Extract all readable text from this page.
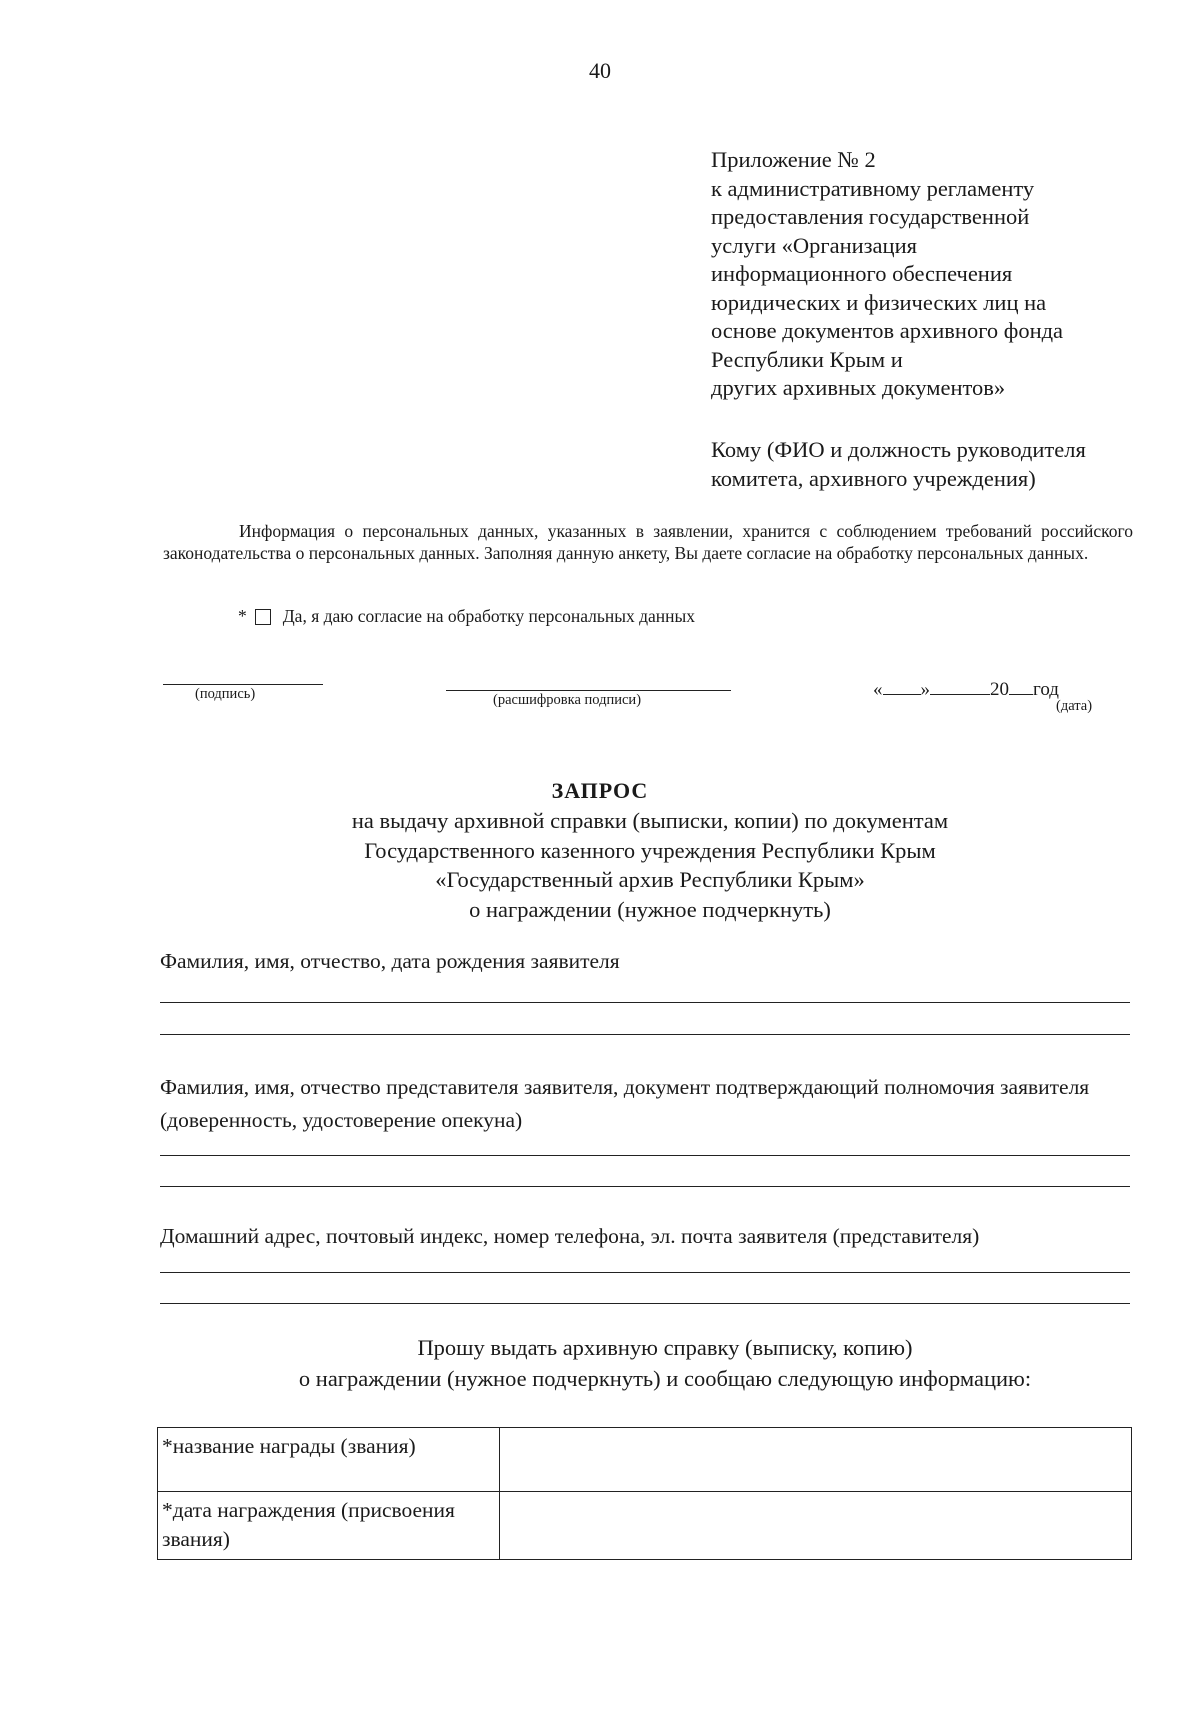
40
Приложение № 2
к административному регламенту
предоставления государственной
услуги «Организация
информационного обеспечения
юридических и физических лиц на
основе документов архивного фонда
Республики Крым и
других архивных документов»
Кому (ФИО и должность руководителя комитета, архивного учреждения)
Информация о персональных данных, указанных в заявлении, хранится с соблюдением требований российского законодательства о персональных данных. Заполняя данную анкету, Вы даете согласие на обработку персональных данных.
* Да, я даю согласие на обработку персональных данных
(подпись)	(расшифровка подписи)	« »	20 год
(дата)
ЗАПРОС
на выдачу архивной справки (выписки, копии) по документам
Государственного казенного учреждения Республики Крым
«Государственный архив Республики Крым»
о награждении (нужное подчеркнуть)
Фамилия, имя, отчество, дата рождения заявителя
Фамилия, имя, отчество представителя заявителя, документ подтверждающий полномочия заявителя (доверенность, удостоверение опекуна)
Домашний адрес, почтовый индекс, номер телефона, эл. почта заявителя (представителя)
Прошу выдать архивную справку (выписку, копию)
о награждении (нужное подчеркнуть) и сообщаю следующую информацию:
*название награды (звания)	
*дата награждения (присвоения звания)	
